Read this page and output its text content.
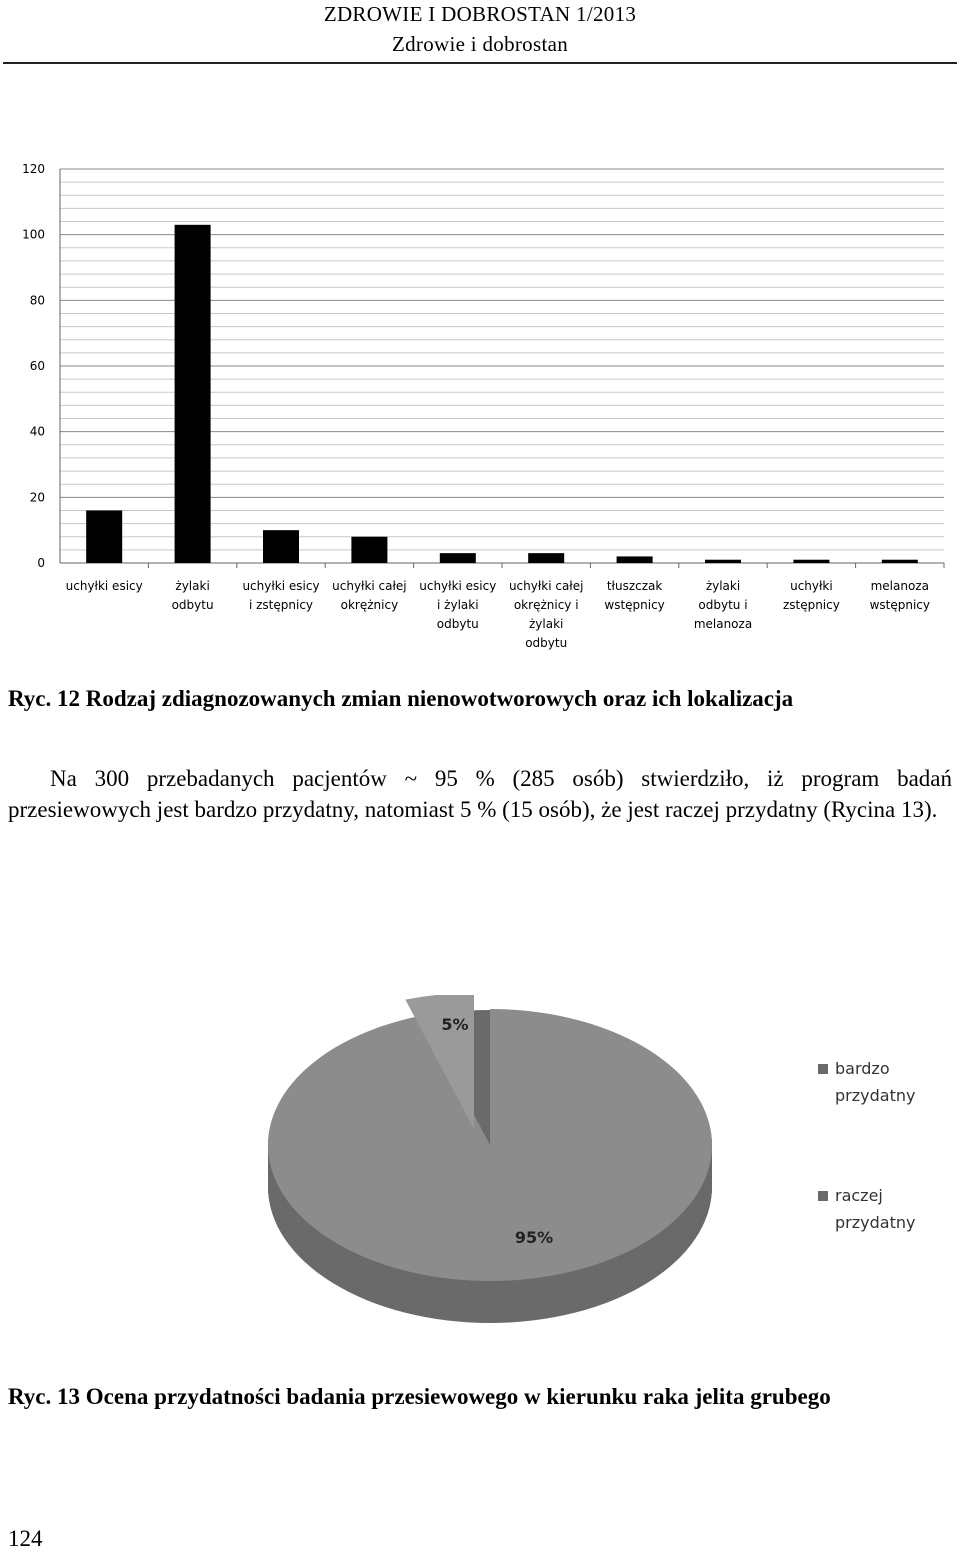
ZDROWIE I DOBROSTAN 1/2013
Zdrowie i dobrostan
0
20
40
60
80
100
120
uchyłki esicy	żylaki odbytu
uchyłki esicy i zstępnicy
uchyłki całej okrężnicy
uchyłki esicy i żylaki odbytu
uchyłki całej okrężnicy i żylaki odbytu
tłuszczak wstępnicy
żylaki odbytu i melanoza
uchyłki zstępnicy
melanoza wstępnicy
Ryc. 12 Rodzaj zdiagnozowanych zmian nienowotworowych oraz ich lokalizacja
Na 300 przebadanych pacjentów ~ 95 % (285 osób) stwierdziło, iż program badań przesiewowych jest bardzo przydatny, natomiast 5 % (15 osób), że jest raczej przydatny (Rycina 13).
5%
95%
bardzo
przydatny
raczej
przydatny
Ryc. 13 Ocena przydatności badania przesiewowego w kierunku raka jelita grubego
124
